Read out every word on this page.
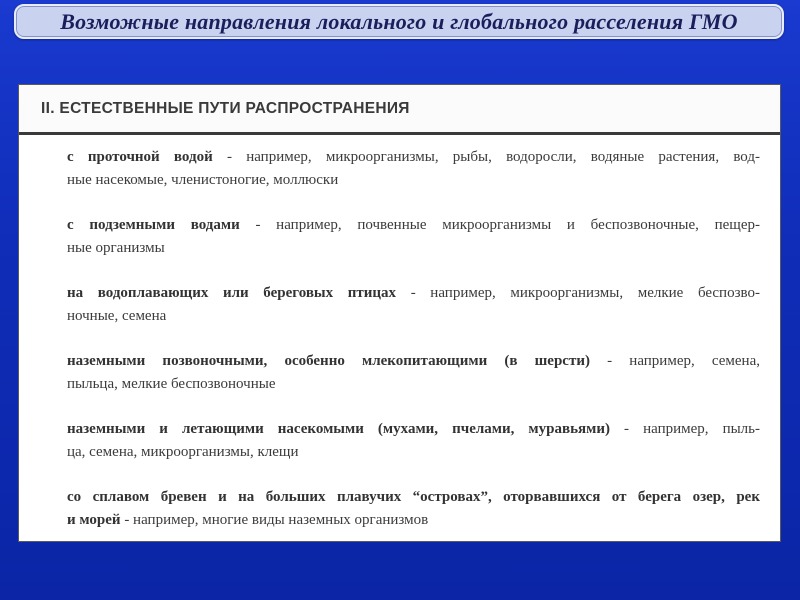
Возможные направления локального и глобального расселения ГМО
II. ЕСТЕСТВЕННЫЕ ПУТИ РАСПРОСТРАНЕНИЯ
с проточной водой - например, микроорганизмы, рыбы, водоросли, водяные растения, вод-
ные насекомые, членистоногие, моллюски
с подземными водами - например, почвенные микроорганизмы и беспозвоночные, пещер-
ные организмы
на водоплавающих или береговых птицах - например, микроорганизмы, мелкие беспозво-
ночные, семена
наземными позвоночными, особенно млекопитающими (в шерсти) - например, семена,
пыльца, мелкие беспозвоночные
наземными и летающими насекомыми (мухами, пчелами, муравьями) - например, пыль-
ца, семена, микроорганизмы, клещи
со сплавом бревен и на больших плавучих “островах”, оторвавшихся от берега озер, рек
и морей - например, многие виды наземных организмов
